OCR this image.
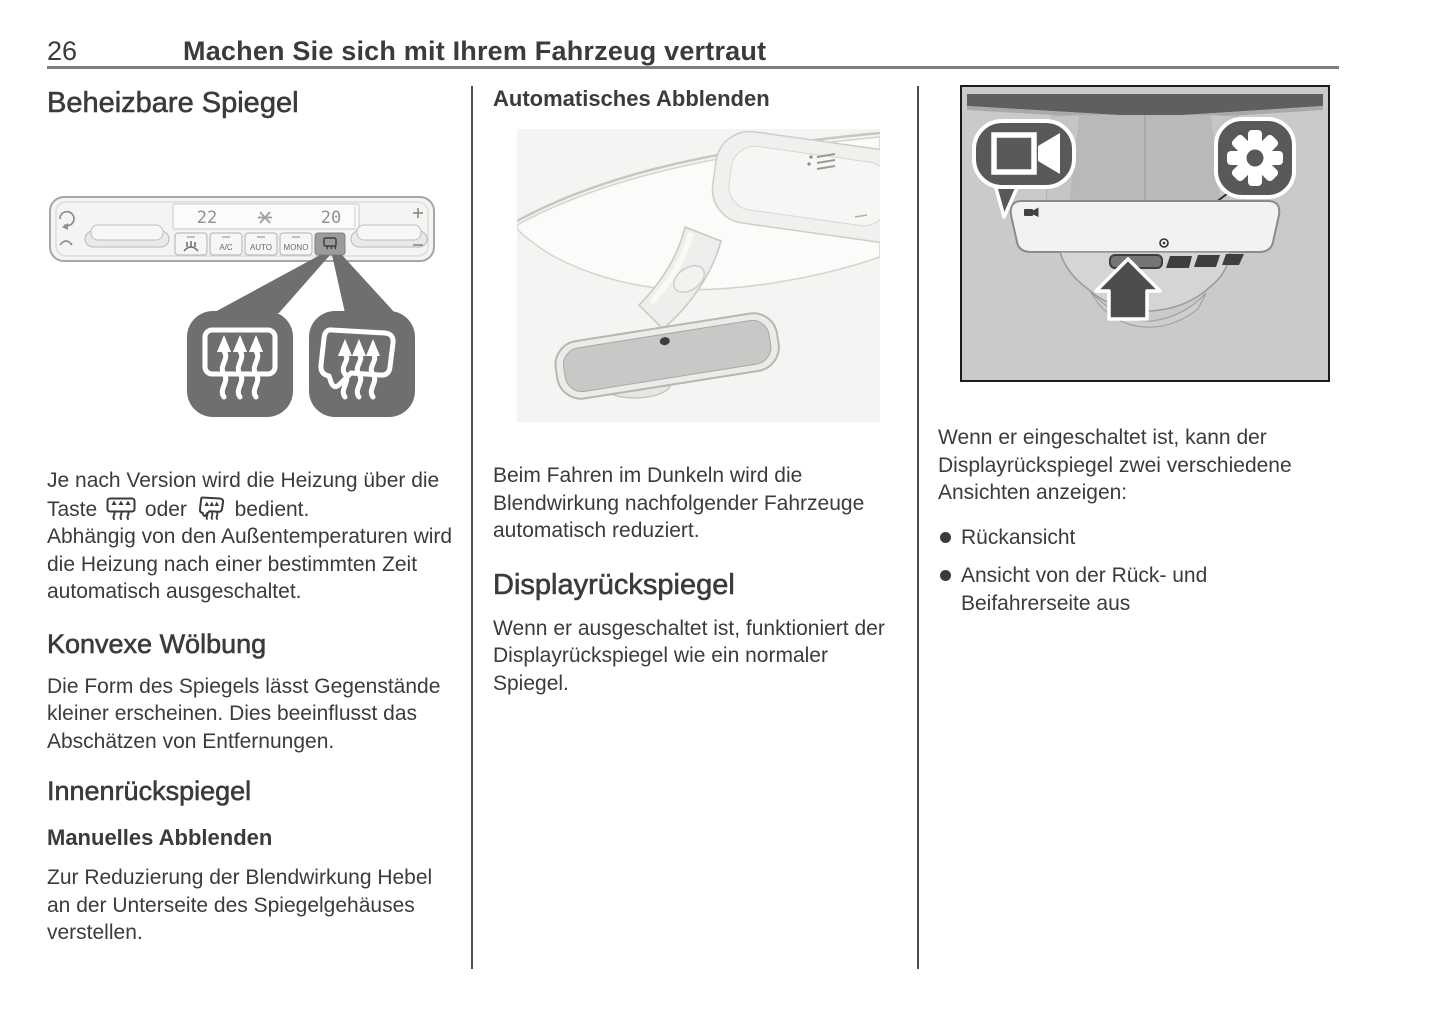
26	Machen Sie sich mit Ihrem Fahrzeug vertraut
Beheizbare Spiegel
22	20
A/C AUTO MONO

Je nach Version wird die Heizung über die Taste oder bedient.
Abhängig von den Außentemperaturen wird die Heizung nach einer bestimmten Zeit automatisch ausgeschaltet.

Konvexe Wölbung

Die Form des Spiegels lässt Gegenstände kleiner erscheinen. Dies beeinflusst das Abschätzen von Entfernungen.

Innenrückspiegel
Manuelles Abblenden

Zur Reduzierung der Blendwirkung Hebel an der Unterseite des Spiegelgehäuses verstellen.

Automatisches Abblenden

Beim Fahren im Dunkeln wird die Blendwirkung nachfolgender Fahrzeuge automatisch reduziert.

Displayrückspiegel

Wenn er ausgeschaltet ist, funktioniert der Displayrückspiegel wie ein normaler Spiegel.

Wenn er eingeschaltet ist, kann der Displayrückspiegel zwei verschiedene Ansichten anzeigen:

Rückansicht
Ansicht von der Rück- und Beifahrerseite aus
